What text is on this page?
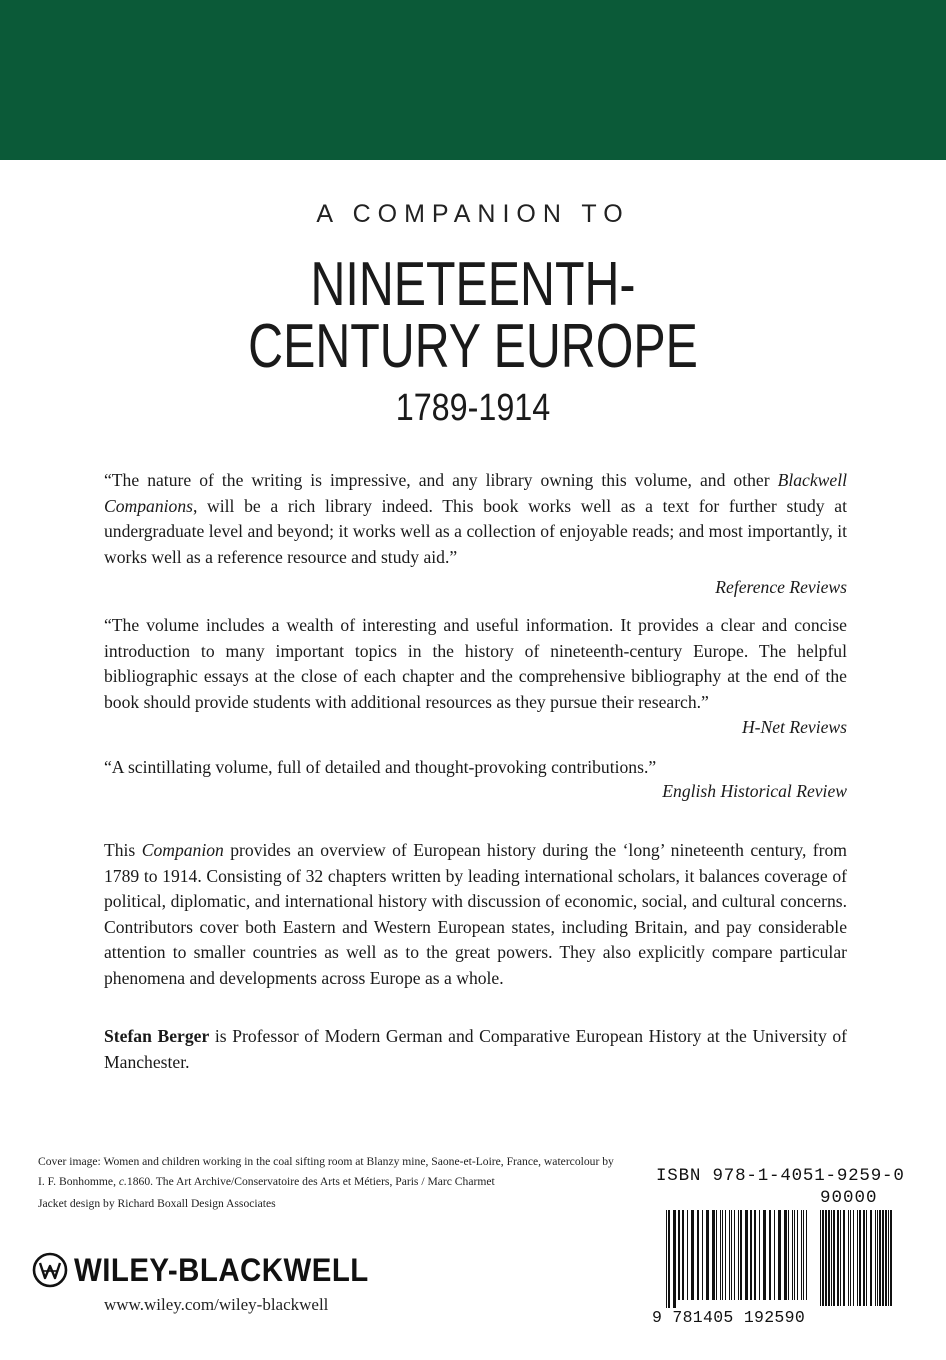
A COMPANION TO
NINETEENTH-
CENTURY EUROPE
1789-1914
“The nature of the writing is impressive, and any library owning this volume, and other Blackwell Companions, will be a rich library indeed. This book works well as a text for further study at undergraduate level and beyond; it works well as a collection of enjoyable reads; and most importantly, it works well as a reference resource and study aid.”
Reference Reviews
“The volume includes a wealth of interesting and useful information. It provides a clear and concise introduction to many important topics in the history of nineteenth-century Europe. The helpful bibliographic essays at the close of each chapter and the comprehensive bibliography at the end of the book should provide students with additional resources as they pursue their research.”
H-Net Reviews
“A scintillating volume, full of detailed and thought-provoking contributions.”
English Historical Review
This Companion provides an overview of European history during the ‘long’ nineteenth century, from 1789 to 1914. Consisting of 32 chapters written by leading international scholars, it balances coverage of political, diplomatic, and international history with discussion of economic, social, and cultural concerns. Contributors cover both Eastern and Western European states, including Britain, and pay considerable attention to smaller countries as well as to the great powers. They also explicitly compare particular phenomena and developments across Europe as a whole.
Stefan Berger is Professor of Modern German and Comparative European History at the University of Manchester.
Cover image: Women and children working in the coal sifting room at Blanzy mine, Saone-et-Loire, France, watercolour by I. F. Bonhomme, c.1860. The Art Archive/Conservatoire des Arts et Métiers, Paris / Marc Charmet
Jacket design by Richard Boxall Design Associates
WILEY-BLACKWELL
www.wiley.com/wiley-blackwell
ISBN 978-1-4051-9259-0
90000
9 781405 192590
